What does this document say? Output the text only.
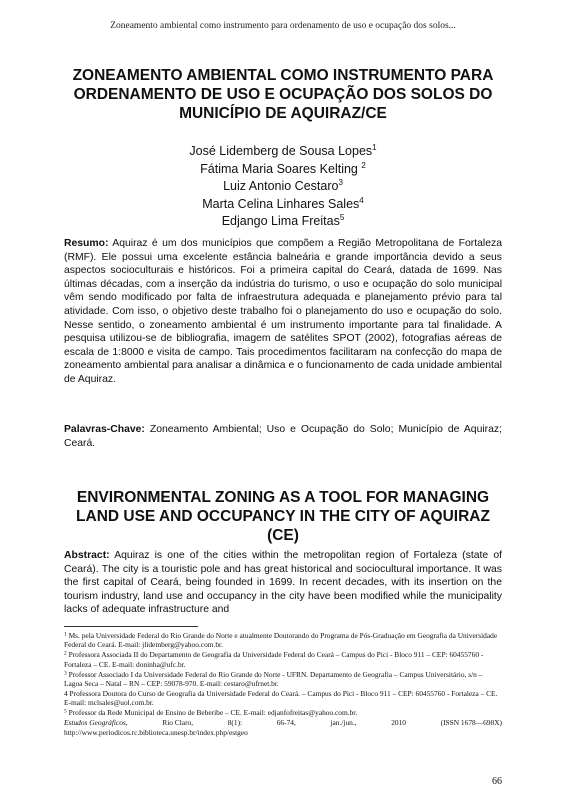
Zoneamento ambiental como instrumento para ordenamento de uso e ocupação dos solos...
ZONEAMENTO AMBIENTAL COMO INSTRUMENTO PARA ORDENAMENTO DE USO E OCUPAÇÃO DOS SOLOS DO MUNICÍPIO DE AQUIRAZ/CE
José Lidemberg de Sousa Lopes$^1$
Fátima Maria Soares Kelting $^2$
Luiz Antonio Cestaro$^3$
Marta Celina Linhares Sales$^4$
Edjango Lima Freitas$^5$
Resumo: Aquiraz é um dos municípios que compõem a Região Metropolitana de Fortaleza (RMF). Ele possui uma excelente estância balneária e grande importância devido a seus aspectos socioculturais e históricos. Foi a primeira capital do Ceará, datada de 1699. Nas últimas décadas, com a inserção da indústria do turismo, o uso e ocupação do solo municipal vêm sendo modificado por falta de infraestrutura adequada e planejamento prévio para tal atividade. Com isso, o objetivo deste trabalho foi o planejamento do uso e ocupação do solo. Nesse sentido, o zoneamento ambiental é um instrumento importante para tal finalidade. A pesquisa utilizou-se de bibliografia, imagem de satélites SPOT (2002), fotografias aéreas de escala de 1:8000 e visita de campo. Tais procedimentos facilitaram na confecção do mapa de zoneamento ambiental para analisar a dinâmica e o funcionamento de cada unidade ambiental de Aquiraz.
Palavras-Chave: Zoneamento Ambiental; Uso e Ocupação do Solo; Município de Aquiraz; Ceará.
ENVIRONMENTAL ZONING AS A TOOL FOR MANAGING LAND USE AND OCCUPANCY IN THE CITY OF AQUIRAZ (CE)
Abstract: Aquiraz is one of the cities within the metropolitan region of Fortaleza (state of Ceará). The city is a touristic pole and has great historical and sociocultural importance. It was the first capital of Ceará, being founded in 1699. In recent decades, with its insertion on the tourism industry, land use and occupancy in the city have been modified while the municipality lacks of adequate infrastructure and
$^1$ Ms. pela Universidade Federal do Rio Grande do Norte e atualmente Doutorando do Programa de Pós-Graduação em Geografia da Universidade Federal do Ceará. E-mail: jlidemberg@yahoo.com.br.
$^2$ Professora Associada II do Departamento de Geografia da Universidade Federal do Ceará – Campus do Pici - Bloco 911 – CEP: 60455760 - Fortaleza – CE. E-mail: doninha@ufc.br.
$^3$ Professor Associado I da Universidade Federal do Rio Grande do Norte - UFRN. Departamento de Geografia – Campus Universitário, s/n – Lagoa Seca – Natal – RN – CEP: 59078-970. E-mail: cestaro@ufrnet.br.
4 Professora Doutora do Curso de Geografia da Universidade Federal do Ceará. – Campus do Pici - Bloco 911 – CEP: 60455760 - Fortaleza – CE. E-mail: mclsales@uol.com.br.
$^5$ Professor da Rede Municipal de Ensino de Beberibe – CE. E-mail: edjanfofreitas@yahoo.com.br.
Estudos Geográficos,	Rio Claro,	8(1):	66-74,	jan./jun.,	2010	(ISSN 1678—698X)
http://www.periodicos.rc.biblioteca.unesp.br/index.php/estgeo
66
